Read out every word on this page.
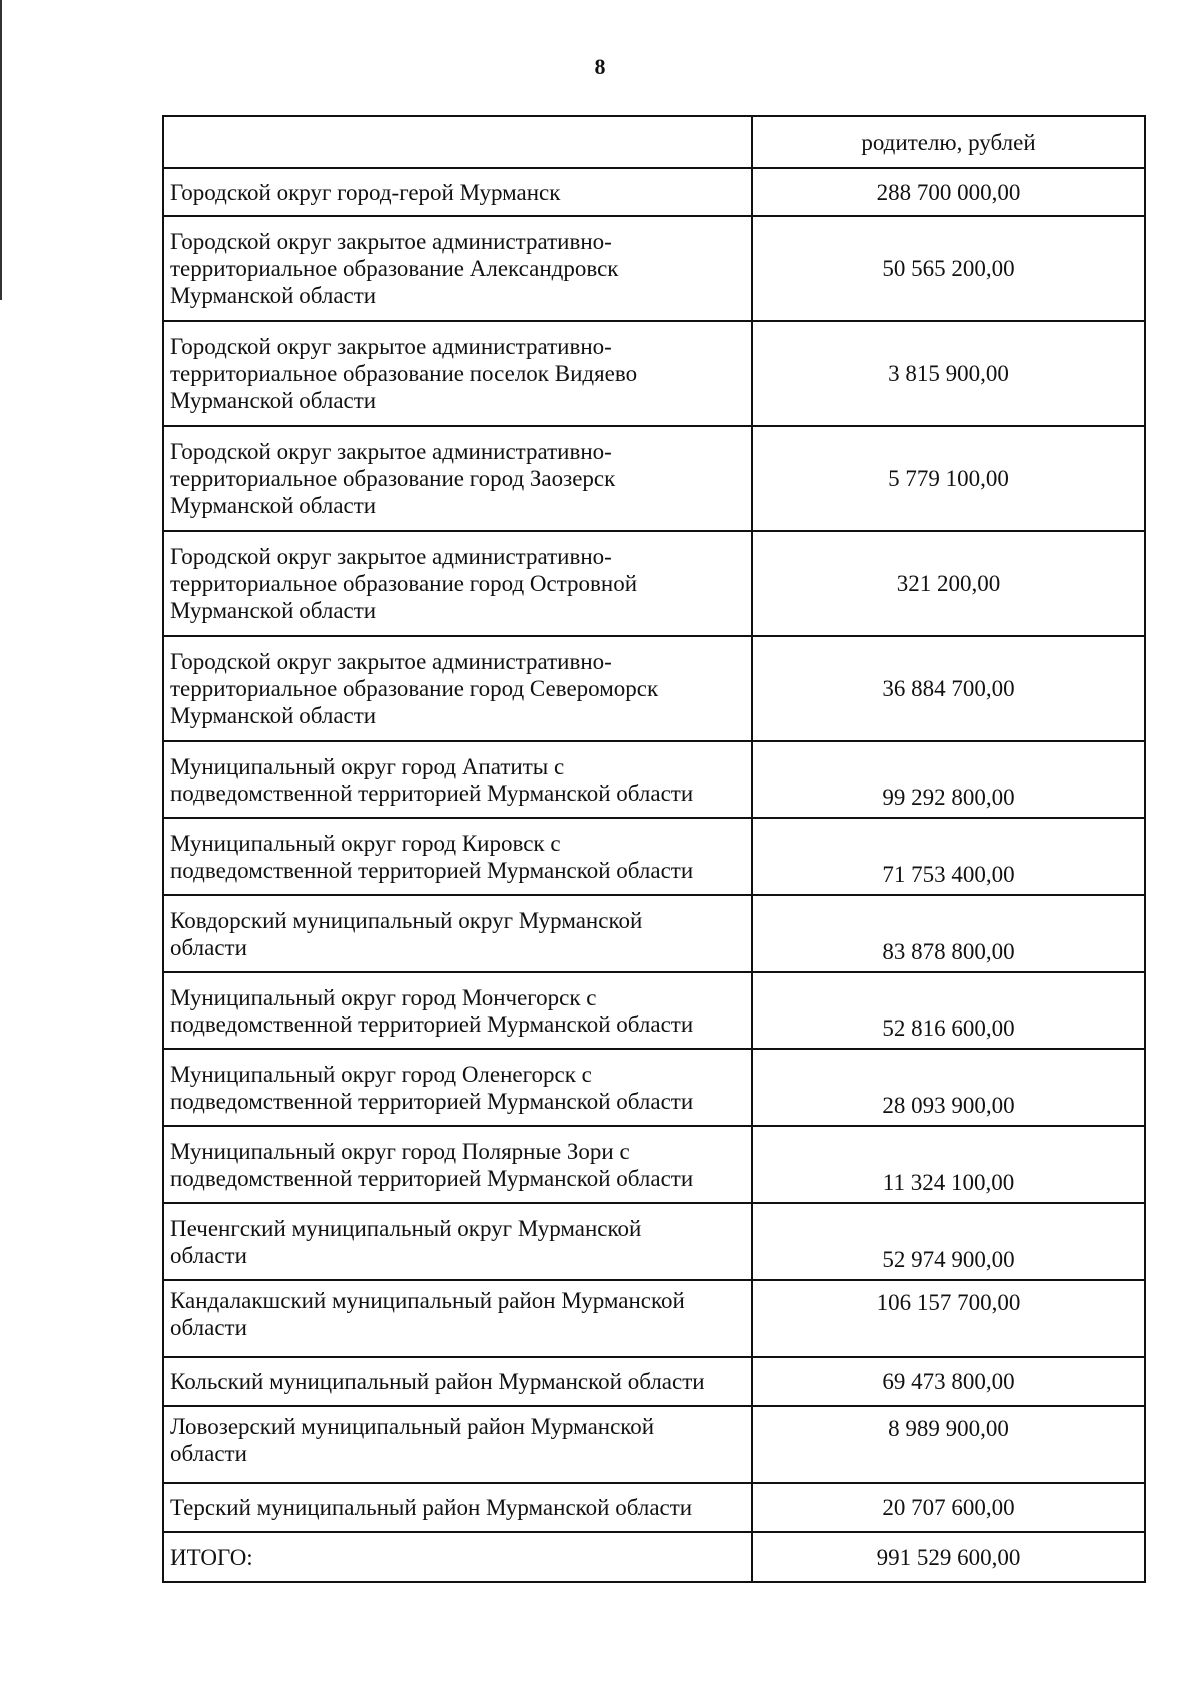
8
	родителю, рублей
Городской округ город-герой Мурманск	288 700 000,00
Городской округ закрытое административно-
территориальное образование Александровск
Мурманской области	50 565 200,00
Городской округ закрытое административно-
территориальное образование поселок Видяево
Мурманской области	3 815 900,00
Городской округ закрытое административно-
территориальное образование город Заозерск
Мурманской области	5 779 100,00
Городской округ закрытое административно-
территориальное образование город Островной
Мурманской области	321 200,00
Городской округ закрытое административно-
территориальное образование город Североморск
Мурманской области	36 884 700,00
Муниципальный округ город Апатиты с
подведомственной территорией Мурманской области	99 292 800,00
Муниципальный округ город Кировск с
подведомственной территорией Мурманской области	71 753 400,00
Ковдорский муниципальный округ Мурманской
области	83 878 800,00
Муниципальный округ город Мончегорск с
подведомственной территорией Мурманской области	52 816 600,00
Муниципальный округ город Оленегорск с
подведомственной территорией Мурманской области	28 093 900,00
Муниципальный округ город Полярные Зори с
подведомственной территорией Мурманской области	11 324 100,00
Печенгский муниципальный округ Мурманской
области	52 974 900,00
Кандалакшский муниципальный район Мурманской
области	106 157 700,00
Кольский муниципальный район Мурманской области	69 473 800,00
Ловозерский муниципальный район Мурманской
области	8 989 900,00
Терский муниципальный район Мурманской области	20 707 600,00
ИТОГО:	991 529 600,00
